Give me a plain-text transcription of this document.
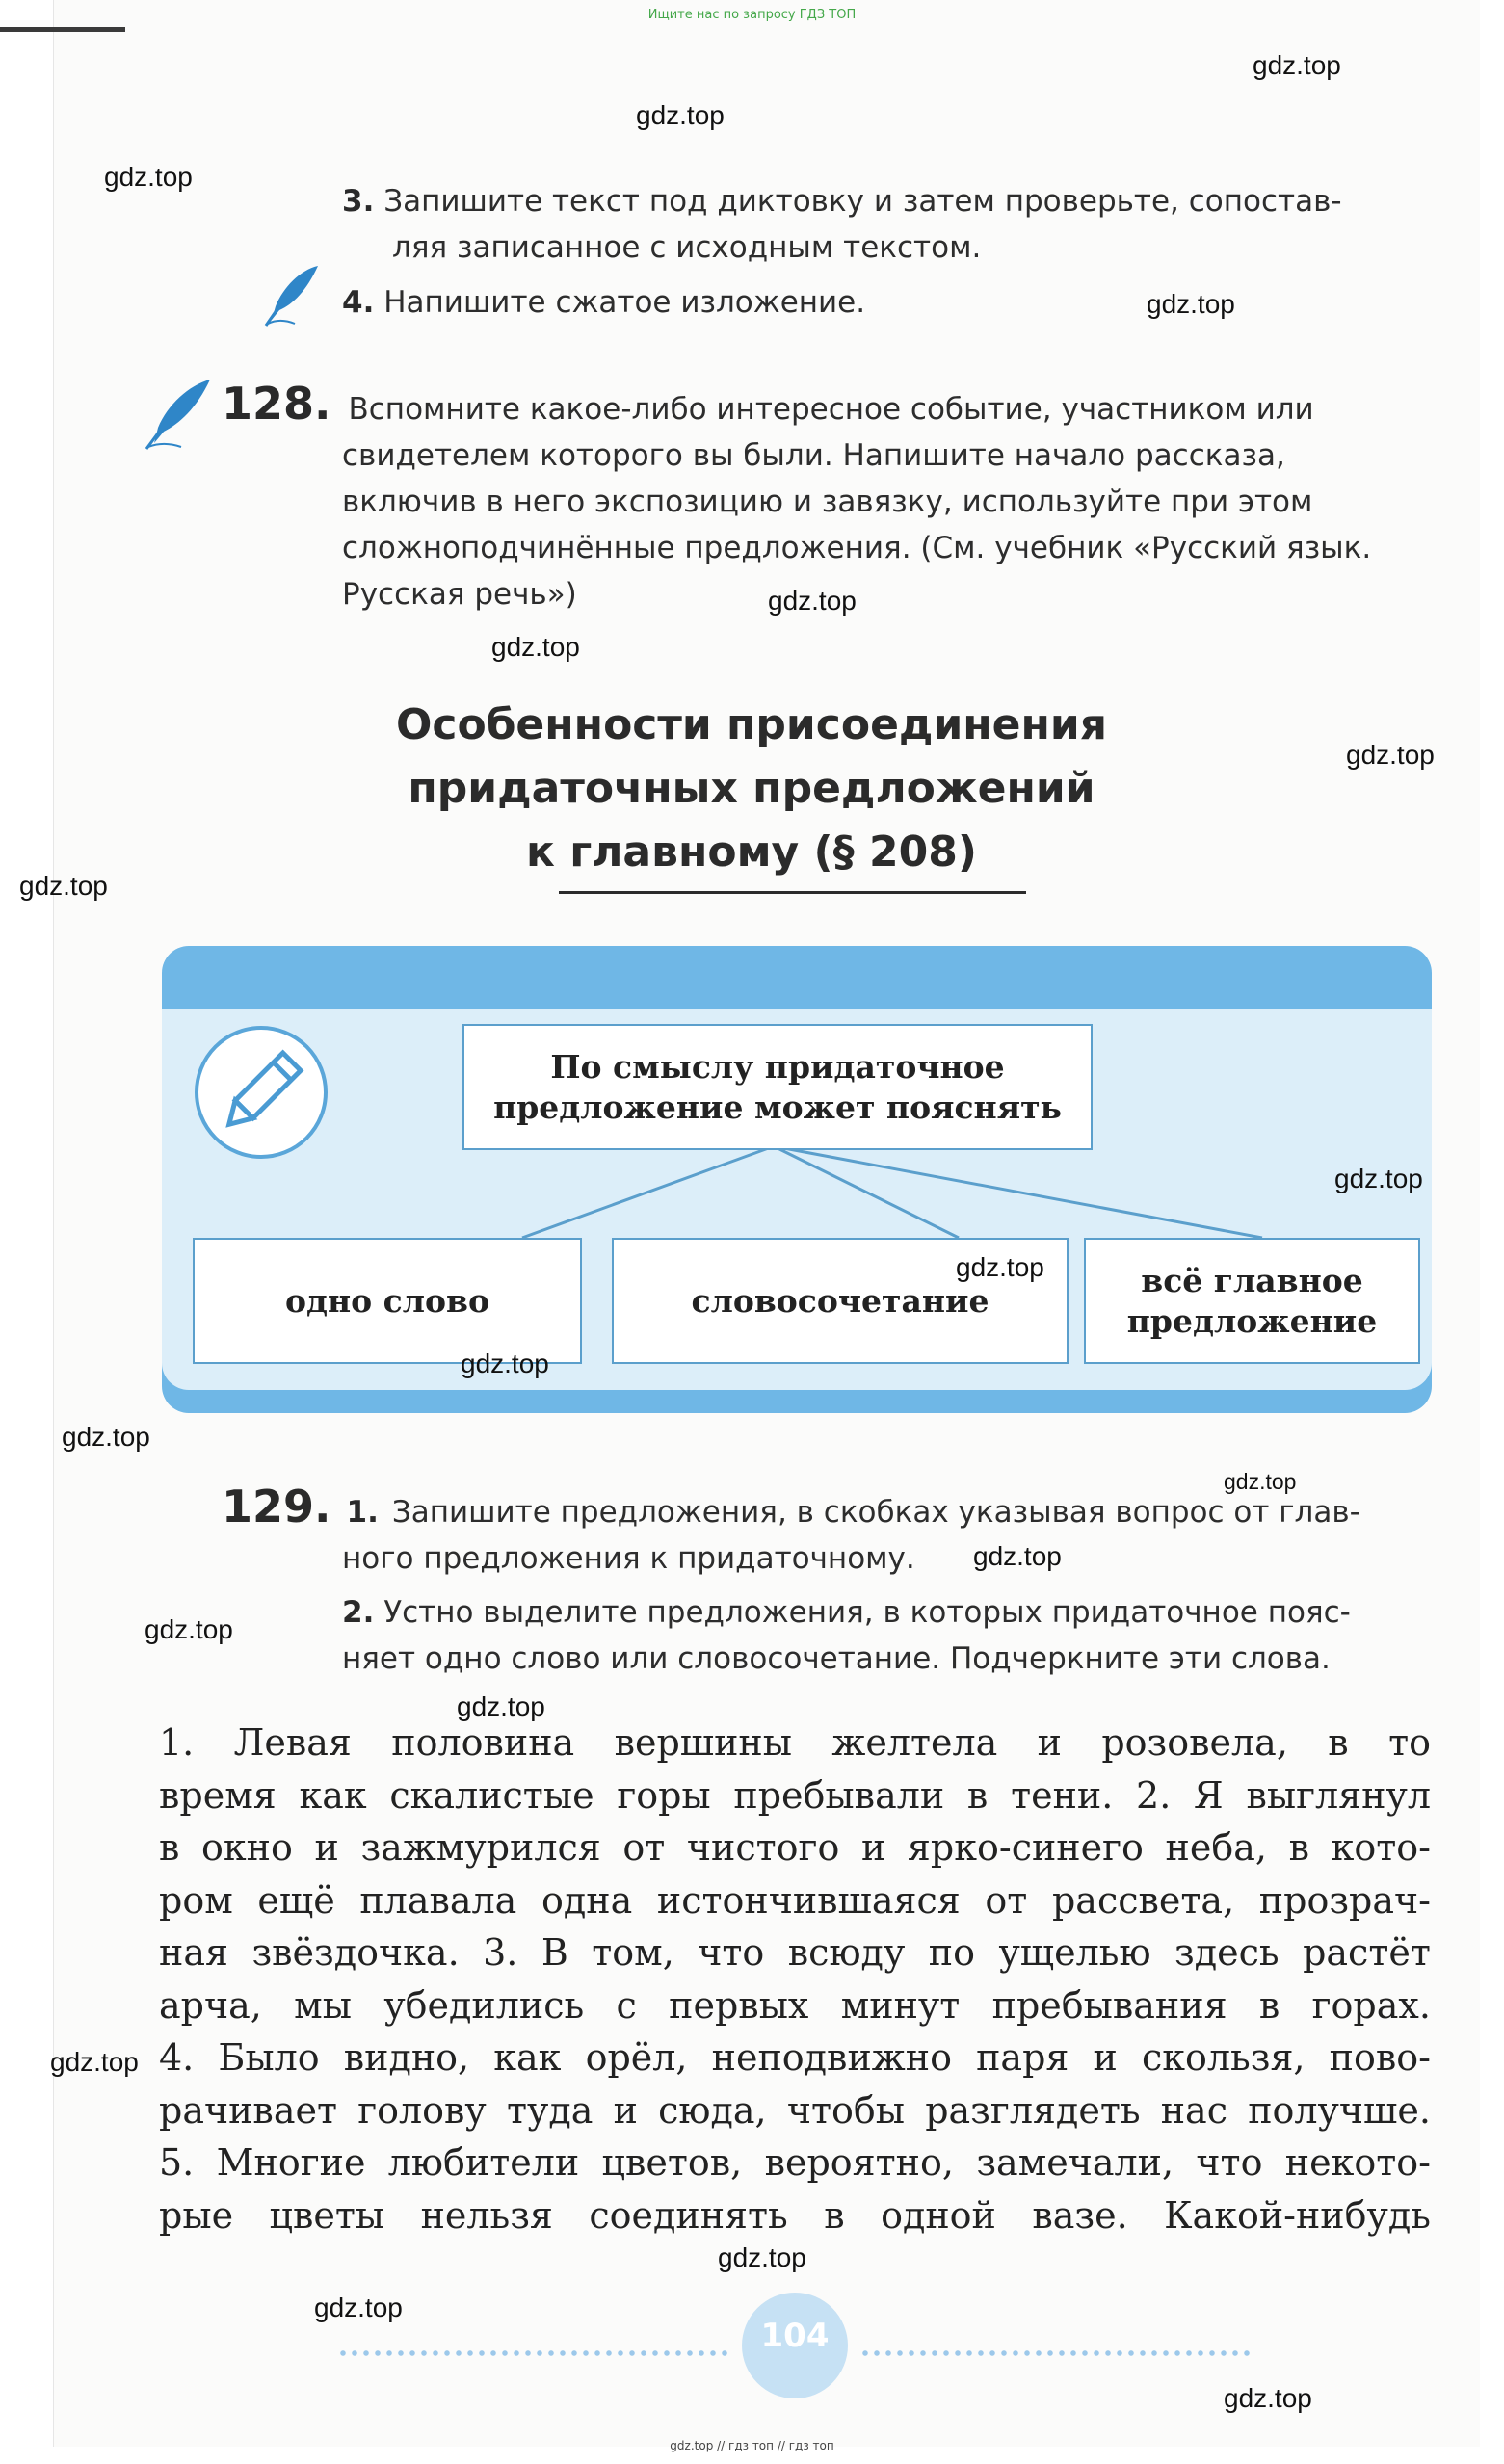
Ищите нас по запросу ГДЗ ТОП
3. Запишите текст под диктовку и затем проверьте, сопостав-
ляя записанное с исходным текстом.
4. Напишите сжатое изложение.
128. Вспомните какое-либо интересное событие, участником или
свидетелем которого вы были. Напишите начало рассказа,
включив в него экспозицию и завязку, используйте при этом
сложноподчинённые предложения. (См. учебник «Русский язык.
Русская речь»)
Особенности присоединения
придаточных предложений
к главному (§ 208)
По смыслу придаточное
предложение может пояснять
одно слово	словосочетание
всё главное
предложение
129. 1. Запишите предложения, в скобках указывая вопрос от глав-
ного предложения к придаточному.
2. Устно выделите предложения, в которых придаточное пояс-
няет одно слово или словосочетание. Подчеркните эти слова.
1. Левая половина вершины желтела и розовела, в то
время как скалистые горы пребывали в тени. 2. Я выглянул
в окно и зажмурился от чистого и ярко-синего неба, в кото-
ром ещё плавала одна истончившаяся от рассвета, прозрач-
ная звёздочка. 3. В том, что всюду по ущелью здесь растёт
арча, мы убедились с первых минут пребывания в горах.
4. Было видно, как орёл, неподвижно паря и скользя, пово-
рачивает голову туда и сюда, чтобы разглядеть нас получше.
5. Многие любители цветов, вероятно, замечали, что некото-
рые цветы нельзя соединять в одной вазе. Какой-нибудь
104
gdz.top
gdz.top
gdz.top
gdz.top
gdz.top
gdz.top
gdz.top
gdz.top
gdz.top
gdz.top
gdz.top
gdz.top
gdz.top
gdz.top
gdz.top
gdz.top
gdz.top
gdz.top
gdz.top
gdz.top
gdz.top // гдз топ // гдз топ
